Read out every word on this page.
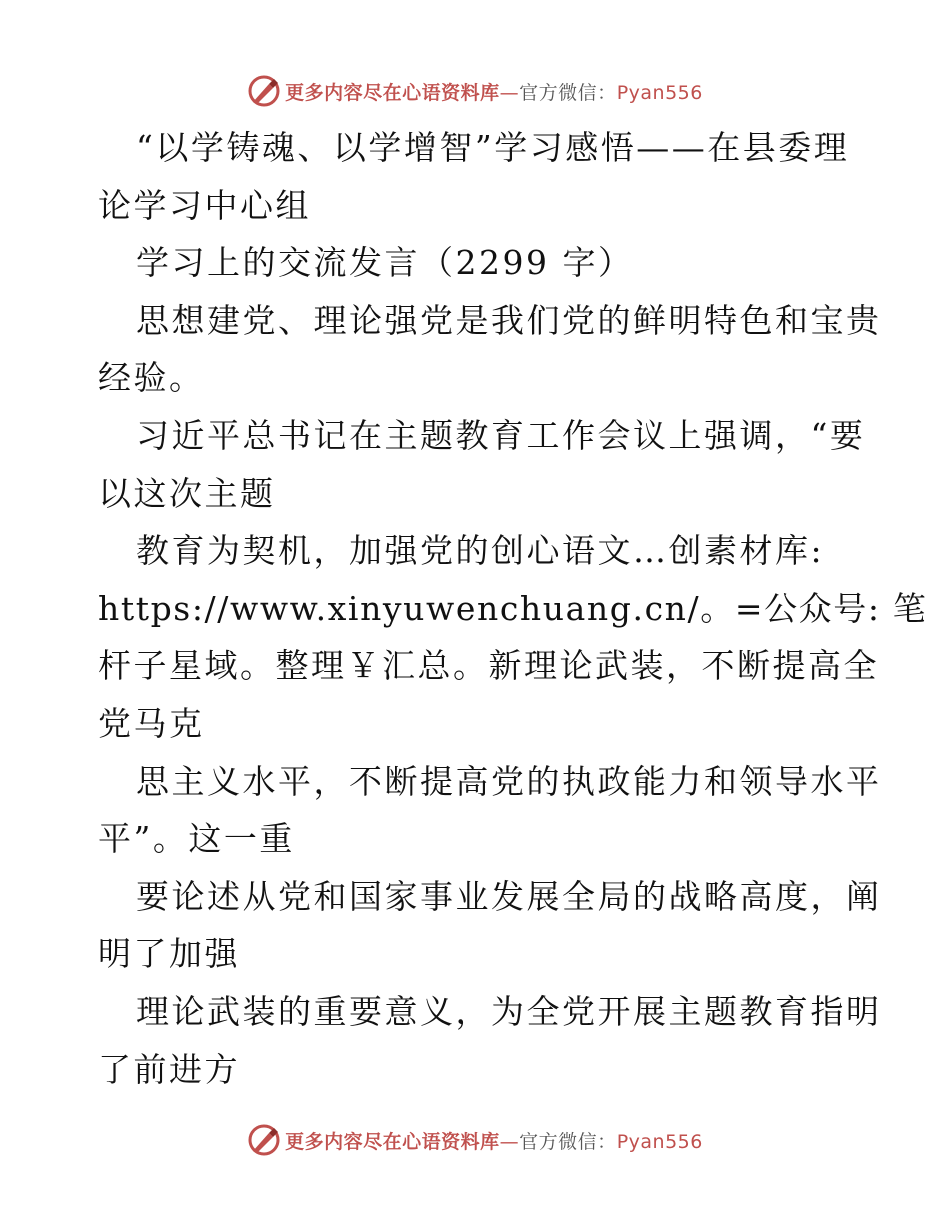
更多内容尽在心语资料库—官方微信：Pyan556

“以学铸魂、以学增智”学习感悟——在县委理

论学习中心组

学习上的交流发言（2299 字）

思想建党、理论强党是我们党的鲜明特色和宝贵

经验。

习近平总书记在主题教育工作会议上强调，“要

以这次主题

教育为契机，加强党的创心语文…创素材库:

https://www.xinyuwenchuang.cn/。=公众号: 笔

杆子星域。整理￥汇总。新理论武装，不断提高全

党马克

思主义水平，不断提高党的执政能力和领导水平

平”。这一重

要论述从党和国家事业发展全局的战略高度，阐

明了加强

理论武装的重要意义，为全党开展主题教育指明

了前进方

更多内容尽在心语资料库—官方微信：Pyan556
